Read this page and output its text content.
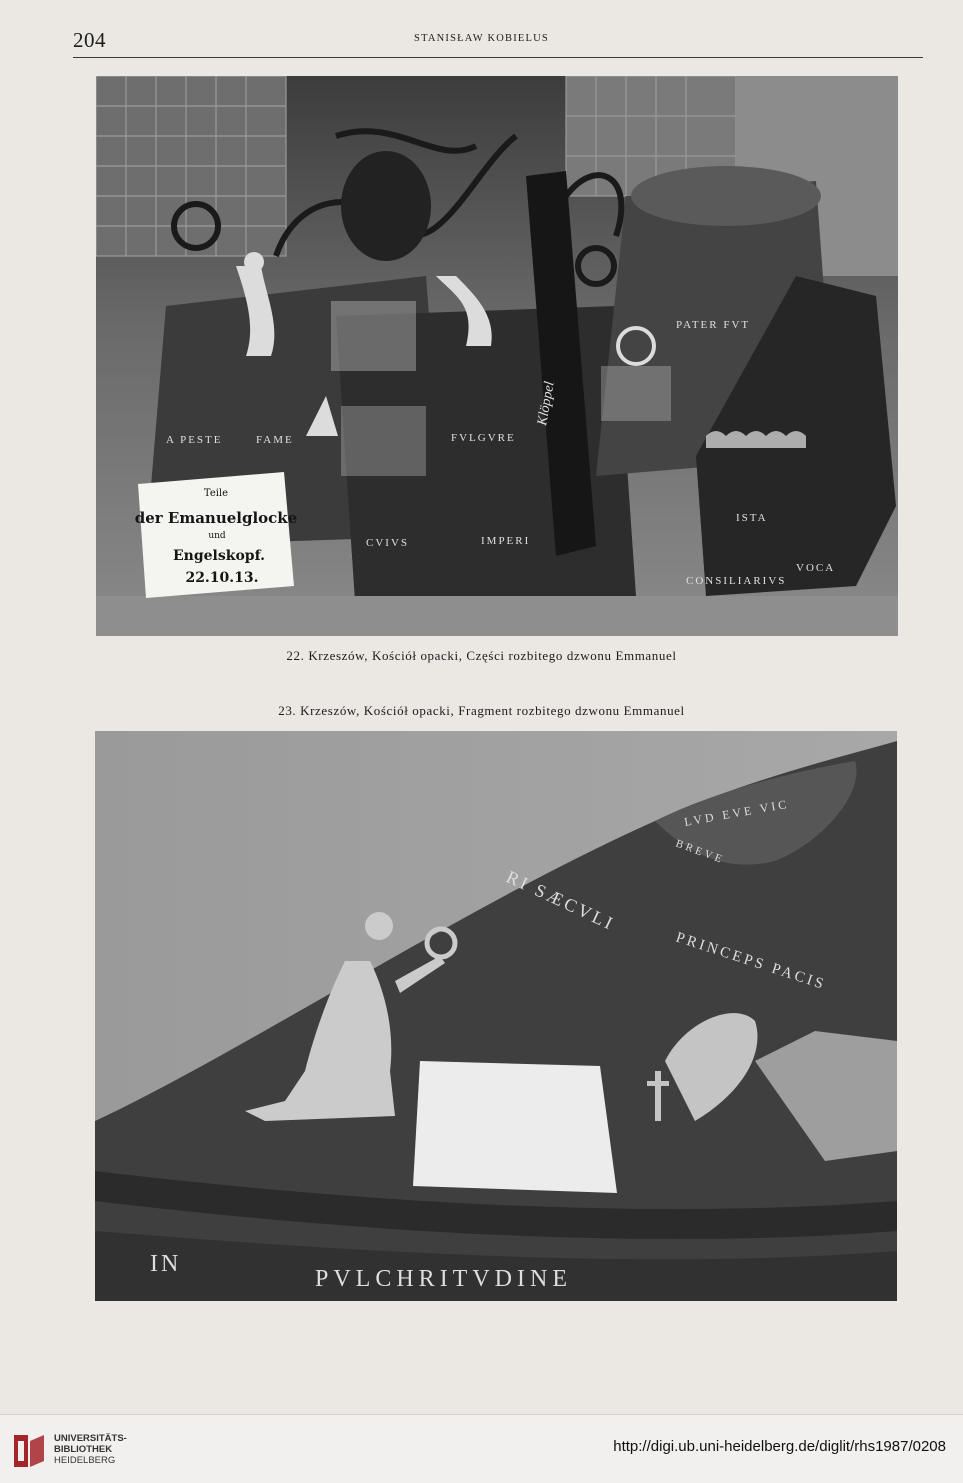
204	STANISŁAW KOBIELUS
A PESTE	FAME	FVLGVRE
CVIVS	IMPERI
PATER FVT
ISTA
CONSILIARIVS
VOCA
Klöppel
Teile
der Emanuelglocke
und
Engelskopf.
22.10.13.
22. Krzeszów, Kościół opacki, Części rozbitego dzwonu Emmanuel
23. Krzeszów, Kościół opacki, Fragment rozbitego dzwonu Emmanuel
RI SÆCVLI
PRINCEPS PACIS
LVD EVE VIC
BREVE
IN
PVLCHRITVDINE
UNIVERSITÄTS-
BIBLIOTHEK
HEIDELBERG
http://digi.ub.uni-heidelberg.de/diglit/rhs1987/0208
